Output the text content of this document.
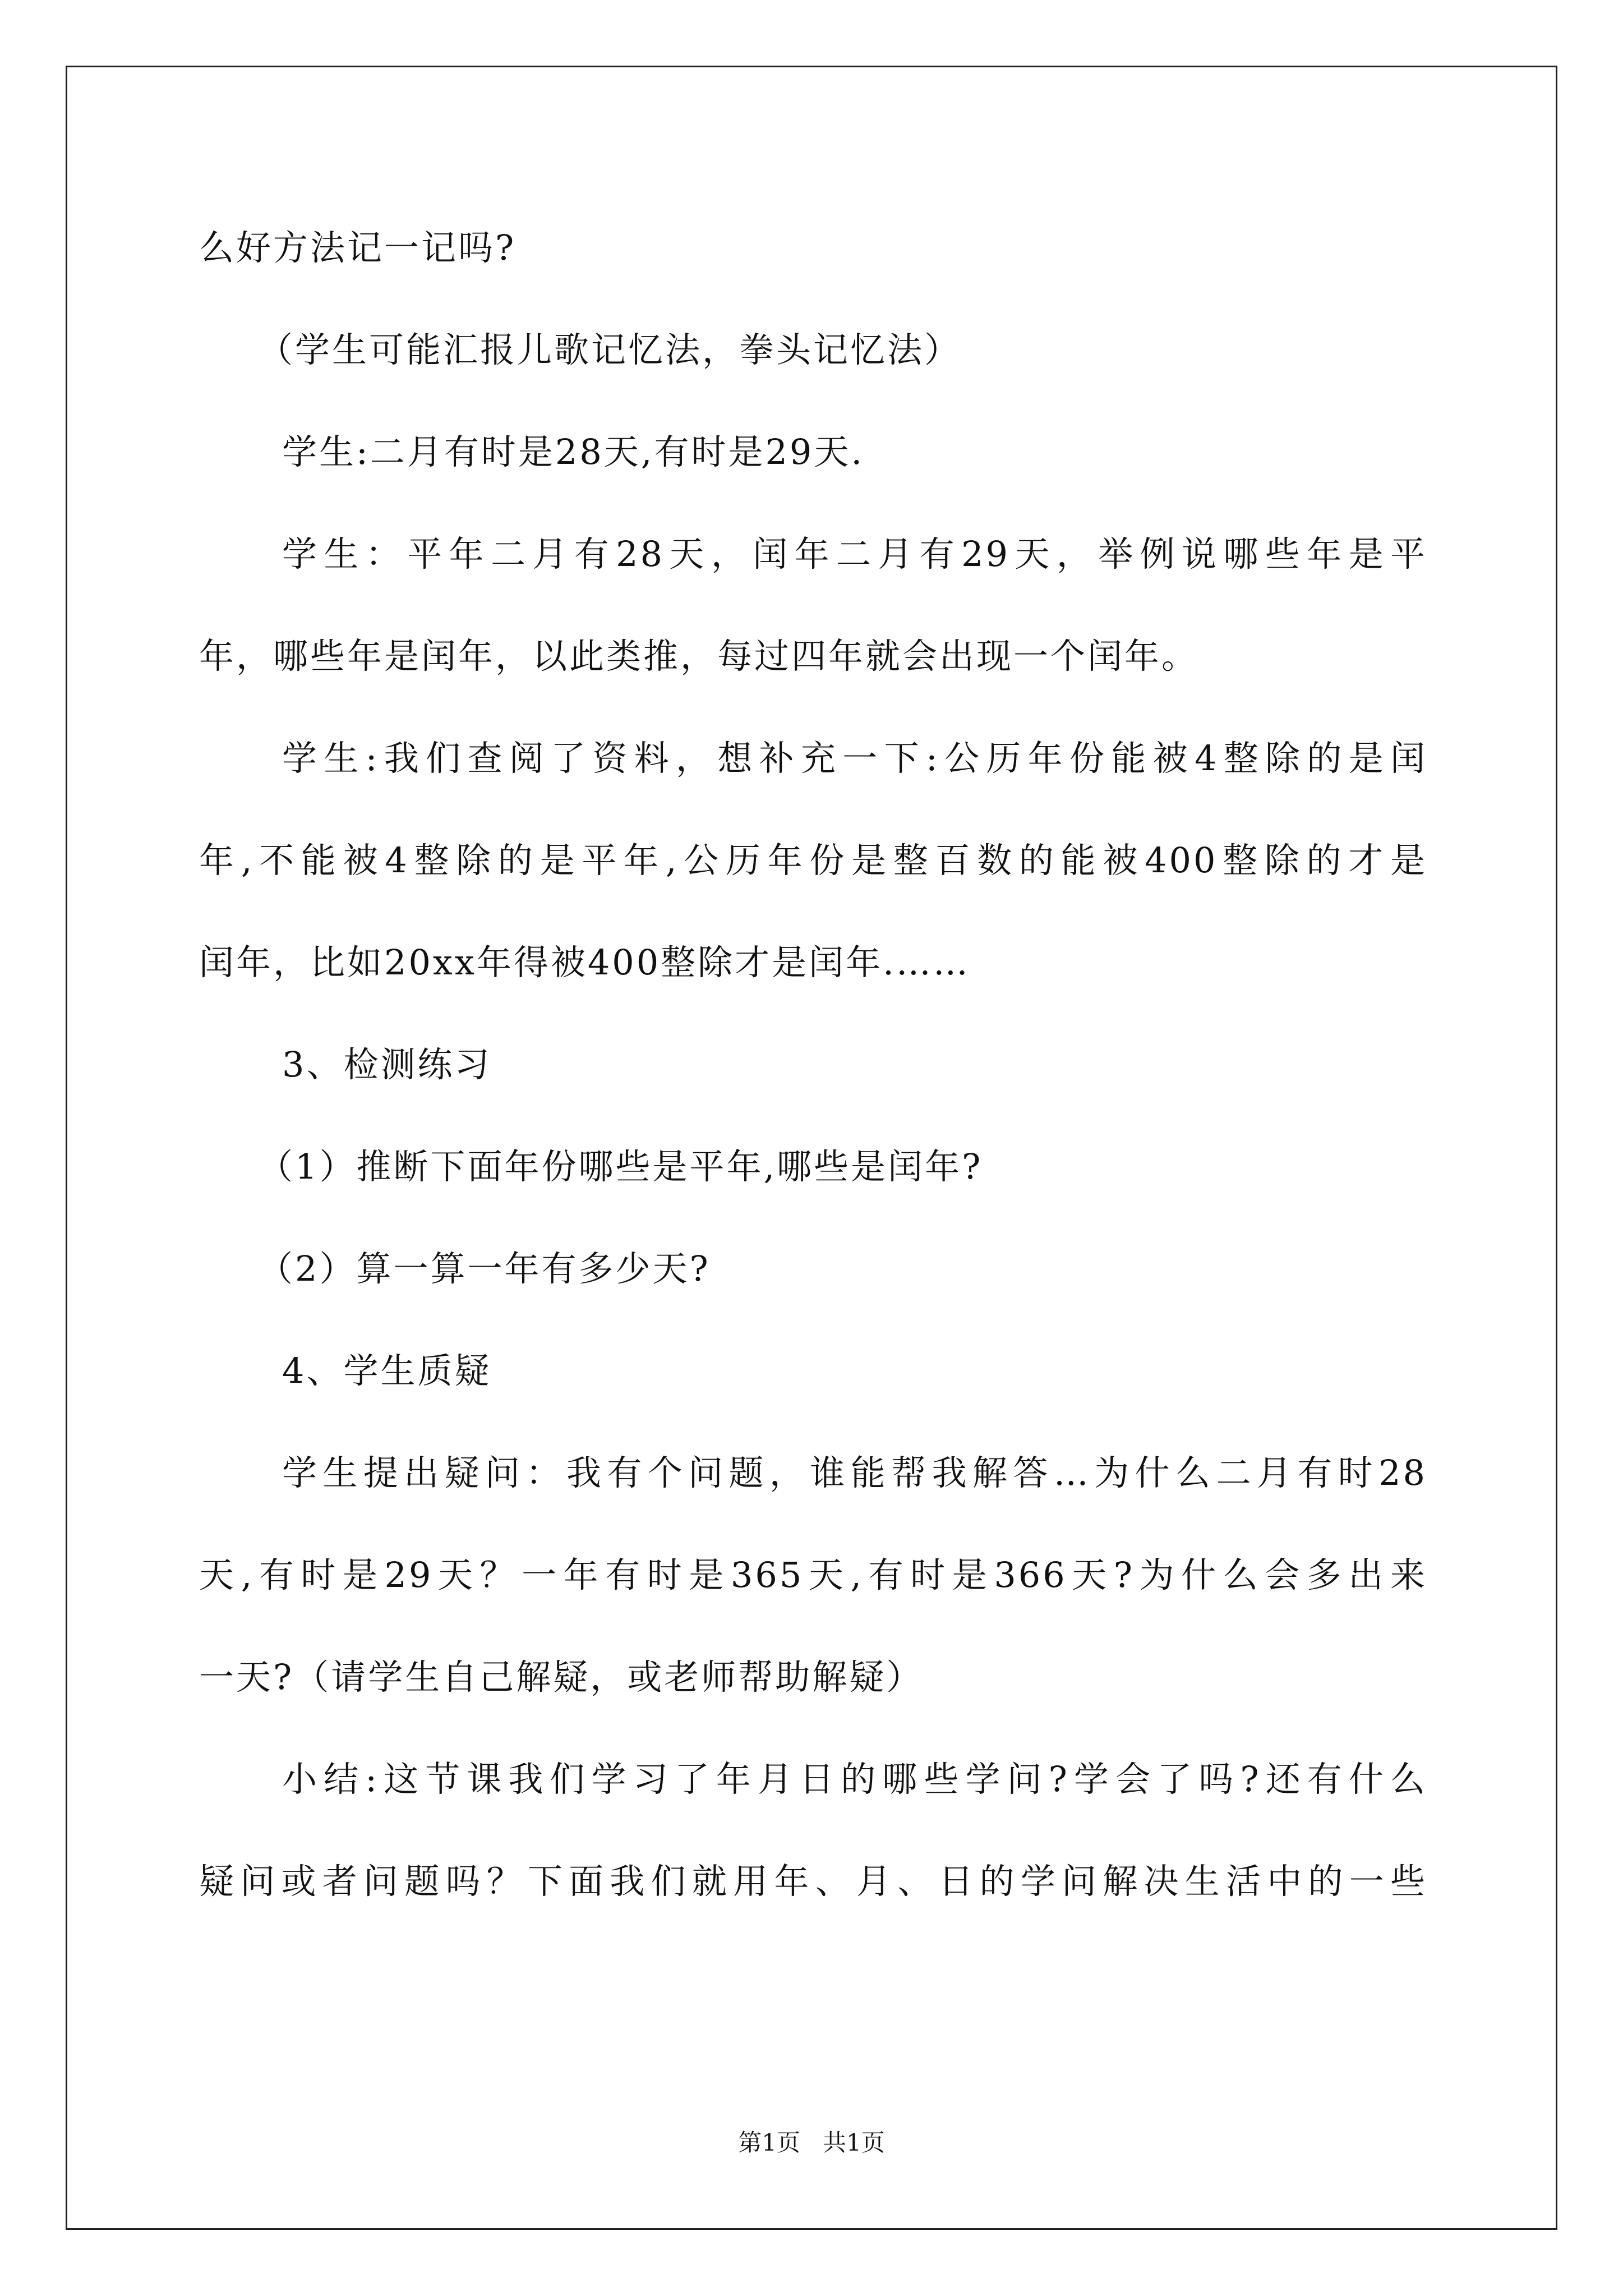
么好方法记一记吗?
（学生可能汇报儿歌记忆法，拳头记忆法）
学生:二月有时是28天,有时是29天.
学生：平年二月有28天，闰年二月有29天，举例说哪些年是平
年，哪些年是闰年，以此类推，每过四年就会出现一个闰年。
学生:我们查阅了资料，想补充一下:公历年份能被4整除的是闰
年,不能被4整除的是平年,公历年份是整百数的能被400整除的才是
闰年，比如20xx年得被400整除才是闰年.……
3、检测练习
（1）推断下面年份哪些是平年,哪些是闰年?
（2）算一算一年有多少天?
4、学生质疑
学生提出疑问：我有个问题，谁能帮我解答…为什么二月有时28
天,有时是29天？一年有时是365天,有时是366天?为什么会多出来
一天?（请学生自己解疑，或老师帮助解疑）
小结:这节课我们学习了年月日的哪些学问?学会了吗?还有什么
疑问或者问题吗？下面我们就用年、月、日的学问解决生活中的一些
第1页   共1页
